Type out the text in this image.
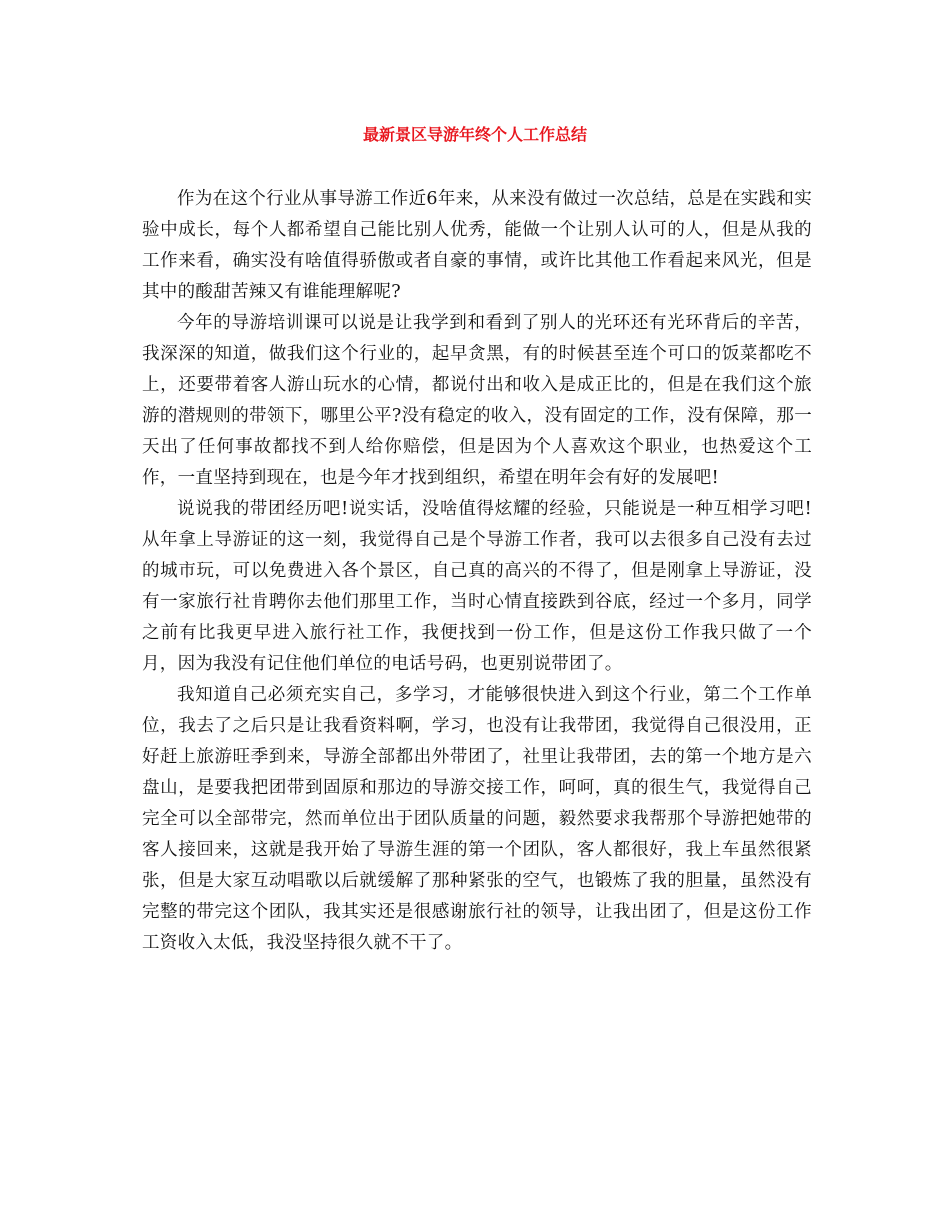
最新景区导游年终个人工作总结

作为在这个行业从事导游工作近6年来，从来没有做过一次总结，总是在实践和实验中成长，每个人都希望自己能比别人优秀，能做一个让别人认可的人，但是从我的工作来看，确实没有啥值得骄傲或者自豪的事情，或许比其他工作看起来风光，但是其中的酸甜苦辣又有谁能理解呢?

今年的导游培训课可以说是让我学到和看到了别人的光环还有光环背后的辛苦，我深深的知道，做我们这个行业的，起早贪黑，有的时候甚至连个可口的饭菜都吃不上，还要带着客人游山玩水的心情，都说付出和收入是成正比的，但是在我们这个旅游的潜规则的带领下，哪里公平?没有稳定的收入，没有固定的工作，没有保障，那一天出了任何事故都找不到人给你赔偿，但是因为个人喜欢这个职业，也热爱这个工作，一直坚持到现在，也是今年才找到组织，希望在明年会有好的发展吧!

说说我的带团经历吧!说实话，没啥值得炫耀的经验，只能说是一种互相学习吧!从年拿上导游证的这一刻，我觉得自己是个导游工作者，我可以去很多自己没有去过的城市玩，可以免费进入各个景区，自己真的高兴的不得了，但是刚拿上导游证，没有一家旅行社肯聘你去他们那里工作，当时心情直接跌到谷底，经过一个多月，同学之前有比我更早进入旅行社工作，我便找到一份工作，但是这份工作我只做了一个月，因为我没有记住他们单位的电话号码，也更别说带团了。

我知道自己必须充实自己，多学习，才能够很快进入到这个行业，第二个工作单位，我去了之后只是让我看资料啊，学习，也没有让我带团，我觉得自己很没用，正好赶上旅游旺季到来，导游全部都出外带团了，社里让我带团，去的第一个地方是六盘山，是要我把团带到固原和那边的导游交接工作，呵呵，真的很生气，我觉得自己完全可以全部带完，然而单位出于团队质量的问题，毅然要求我帮那个导游把她带的客人接回来，这就是我开始了导游生涯的第一个团队，客人都很好，我上车虽然很紧张，但是大家互动唱歌以后就缓解了那种紧张的空气，也锻炼了我的胆量，虽然没有完整的带完这个团队，我其实还是很感谢旅行社的领导，让我出团了，但是这份工作工资收入太低，我没坚持很久就不干了。
